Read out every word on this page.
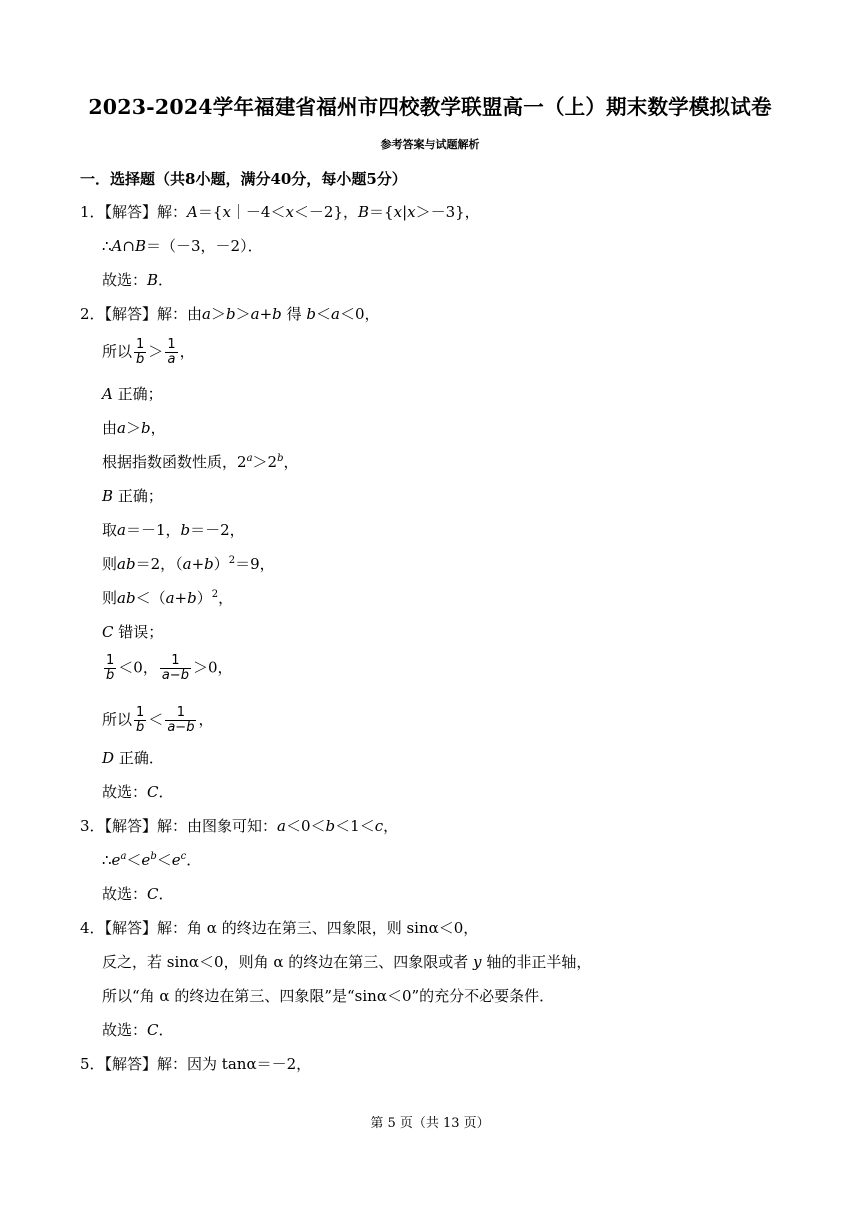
2023-2024学年福建省福州市四校教学联盟高一（上）期末数学模拟试卷
参考答案与试题解析
一．选择题（共8小题，满分40分，每小题5分）
1．【解答】解：A＝{x｜－4＜x＜－2}，B＝{x|x＞－3}，
∴A∩B＝（－3，－2）．
故选：B．
2．【解答】解：由a＞b＞a+b 得 b＜a＜0，
所以 $\frac{1}{b} > \frac{1}{a}$ ，
A 正确；
由a＞b，
根据指数函数性质，$2^a>2^b$，
B 正确；
取a＝－1，b＝－2，
则ab＝2，$(a+b)^2=9$，
则$ab<(a+b)^2$，
C 错误；
$\frac{1}{b} <0$， $\frac{1}{a-b} >0$，
所以 $\frac{1}{b} < \frac{1}{a-b}$ ，
D 正确．
故选：C．
3．【解答】解：由图象可知：a＜0＜b＜1＜c，
$\therefore e^a<e^b<e^c$．
故选：C．
4．【解答】解：角 α 的终边在第三、四象限，则 sinα＜0，
反之，若 sinα＜0，则角 α 的终边在第三、四象限或者 y 轴的非正半轴，
所以“角 α 的终边在第三、四象限”是“sinα＜0”的充分不必要条件．
故选：C．
5．【解答】解：因为 tanα＝－2，
第 5 页（共 13 页）
